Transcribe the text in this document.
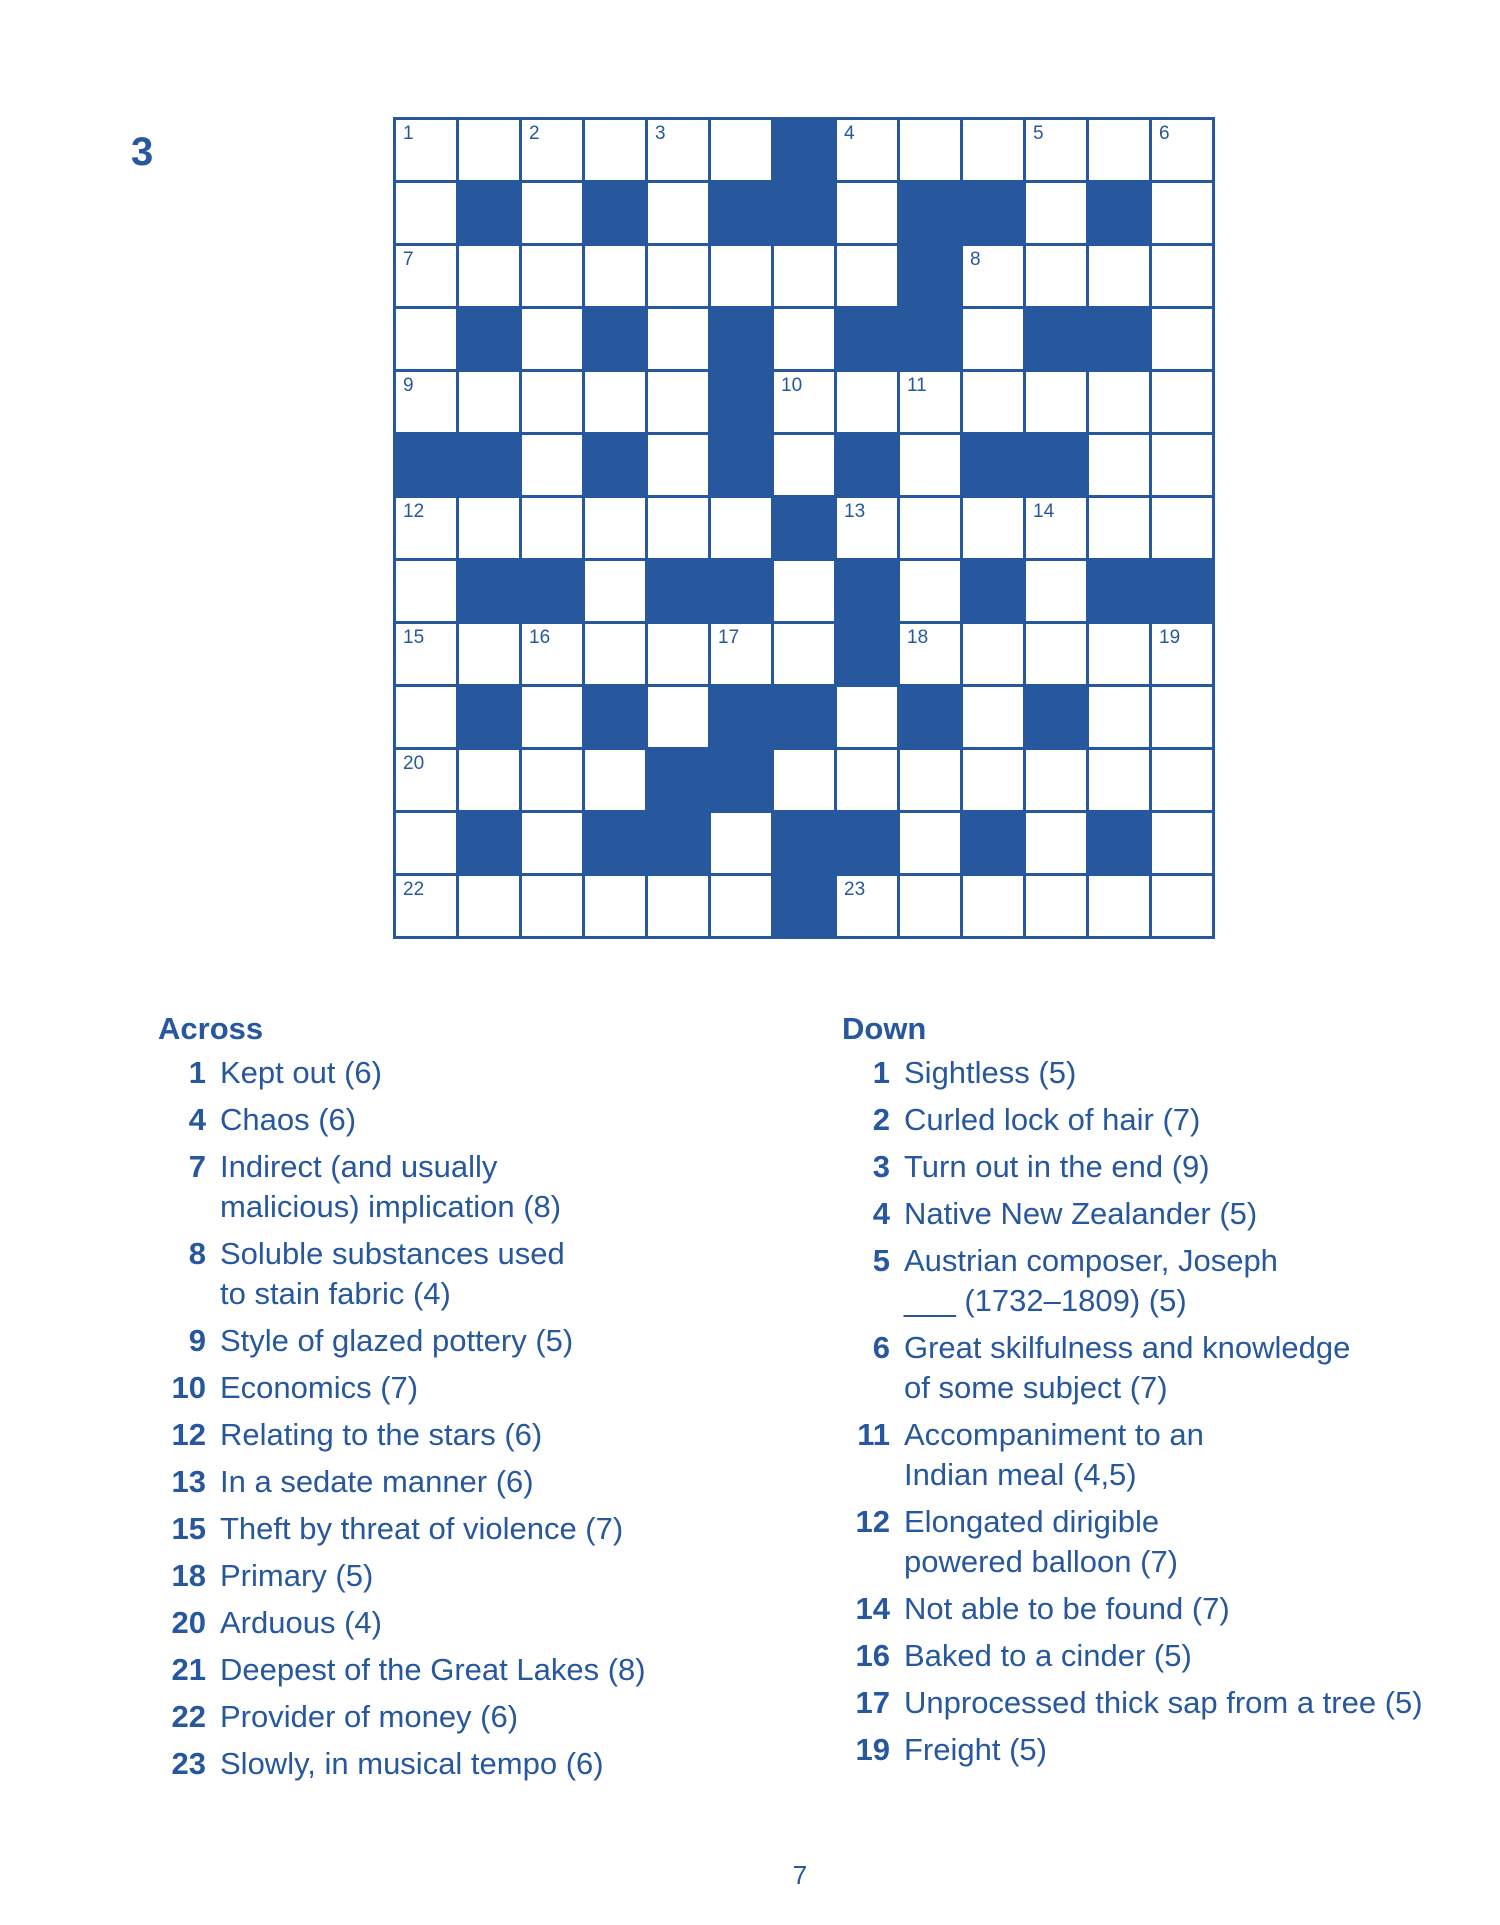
3	1	2	3	4	5	6
7	8
9	10	11
12	13	14
15	16	17	18	19
20
22	23
Across
1 Kept out (6)
4 Chaos (6)
7 Indirect (and usually
malicious) implication (8)
8 Soluble substances used
to stain fabric (4)
9 Style of glazed pottery (5)
10 Economics (7)
12 Relating to the stars (6)
13 In a sedate manner (6)
15 Theft by threat of violence (7)
18 Primary (5)
20 Arduous (4)
21 Deepest of the Great Lakes (8)
22 Provider of money (6)
23 Slowly, in musical tempo (6)
Down
1 Sightless (5)
2 Curled lock of hair (7)
3 Turn out in the end (9)
4 Native New Zealander (5)
5 Austrian composer, Joseph
___ (1732–1809) (5)
6 Great skilfulness and knowledge
of some subject (7)
11 Accompaniment to an
Indian meal (4,5)
12 Elongated dirigible
powered balloon (7)
14 Not able to be found (7)
16 Baked to a cinder (5)
17 Unprocessed thick sap from a tree (5)
19 Freight (5)
7
